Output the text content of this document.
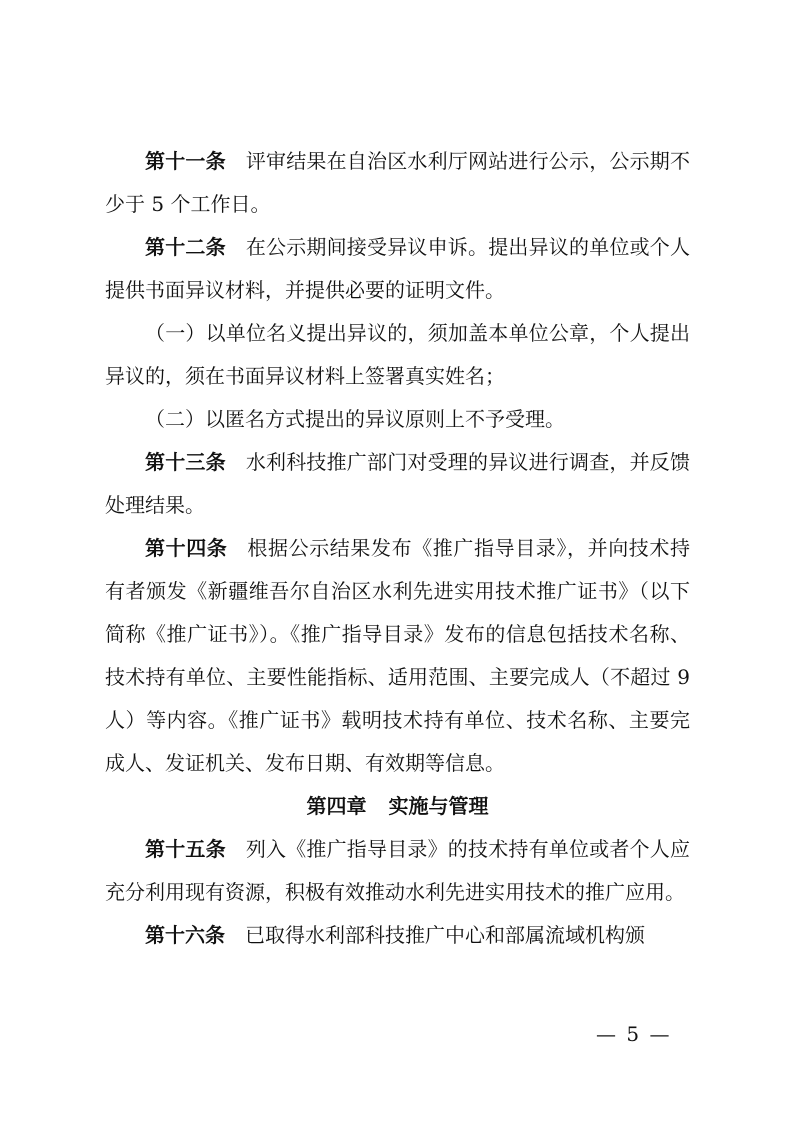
第十一条 评审结果在自治区水利厅网站进行公示，公示期不少于 5 个工作日。

第十二条 在公示期间接受异议申诉。提出异议的单位或个人提供书面异议材料，并提供必要的证明文件。

（一）以单位名义提出异议的，须加盖本单位公章，个人提出异议的，须在书面异议材料上签署真实姓名；

（二）以匿名方式提出的异议原则上不予受理。

第十三条 水利科技推广部门对受理的异议进行调查，并反馈处理结果。

第十四条 根据公示结果发布《推广指导目录》，并向技术持有者颁发《新疆维吾尔自治区水利先进实用技术推广证书》（以下简称《推广证书》）。《推广指导目录》发布的信息包括技术名称、技术持有单位、主要性能指标、适用范围、主要完成人（不超过 9 人）等内容。《推广证书》载明技术持有单位、技术名称、主要完成人、发证机关、发布日期、有效期等信息。

第四章 实施与管理

第十五条 列入《推广指导目录》的技术持有单位或者个人应充分利用现有资源，积极有效推动水利先进实用技术的推广应用。

第十六条 已取得水利部科技推广中心和部属流域机构颁

— 5 —
